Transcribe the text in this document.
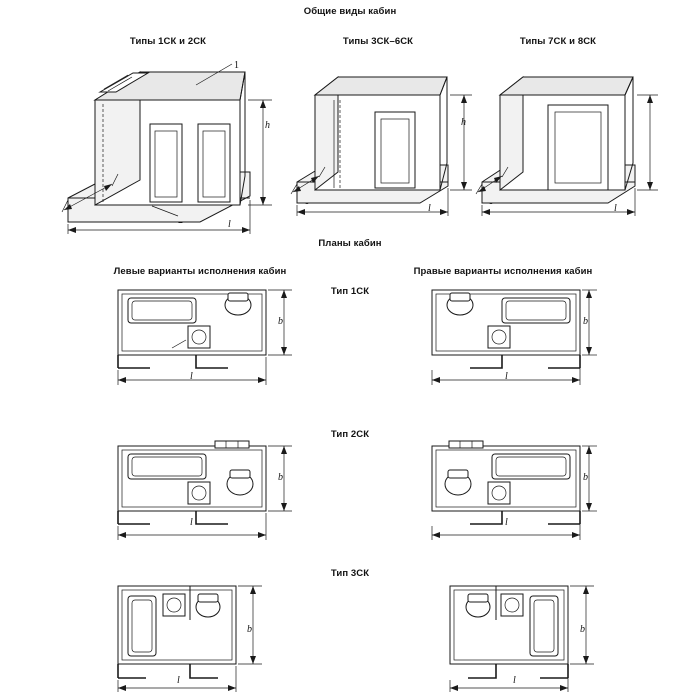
Общие виды кабин
Типы 1СК и 2СК	Типы 3СК–6СК	Типы 7СК и 8СК
Планы кабин
Левые варианты исполнения кабин	Правые варианты исполнения кабин
Тип 1СК
Тип 2СК
Тип 3СК
h
l
1
h
l	l
b
l
b
l
b
l
b
l
b
l
b
l
